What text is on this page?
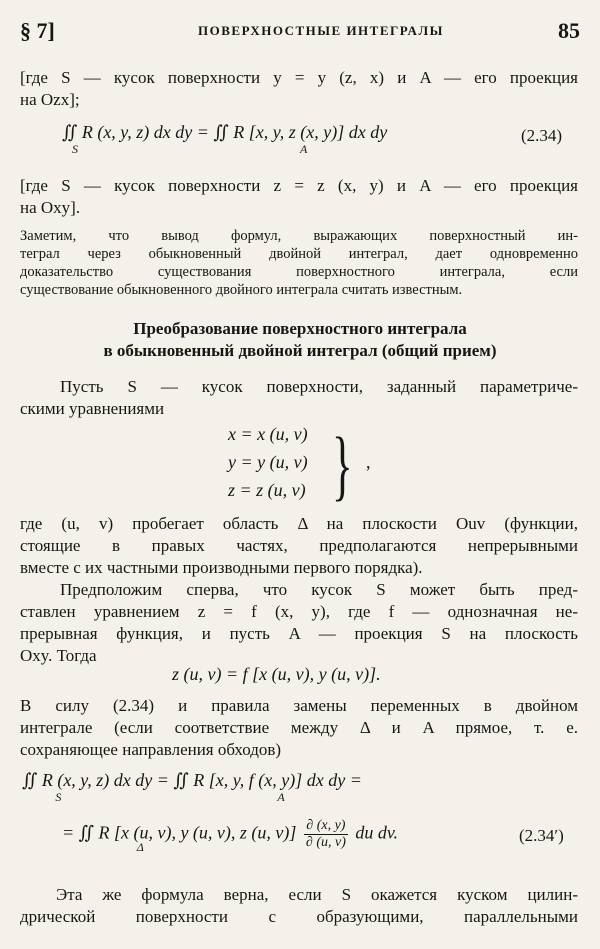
§ 7]	ПОВЕРХНОСТНЫЕ ИНТЕГРАЛЫ	85
[где S — кусок поверхности y = y (z, x) и A — его проекция
на Ozx];
∬ R (x, y, z) dx dy = ∬ R [x, y, z (x, y)] dx dy
$_S$	$_A$
(2.34)
[где S — кусок поверхности z = z (x, y) и A — его проекция
на Oxy].
Заметим, что вывод формул, выражающих поверхностный ин-
теграл через обыкновенный двойной интеграл, дает одновременно
доказательство существования поверхностного интеграла, если
существование обыкновенного двойного интеграла считать известным.
Преобразование поверхностного интеграла
в обыкновенный двойной интеграл (общий прием)
Пусть S — кусок поверхности, заданный параметриче-
скими уравнениями
x = x (u, v)
y = y (u, v)
z = z (u, v) } ,
где (u, v) пробегает область Δ на плоскости Ouv (функции,
стоящие в правых частях, предполагаются непрерывными
вместе с их частными производными первого порядка).
Предположим сперва, что кусок S может быть пред-
ставлен уравнением z = f (x, y), где f — однозначная не-
прерывная функция, и пусть A — проекция S на плоскость
Oxy. Тогда
z (u, v) = f [x (u, v), y (u, v)].
В силу (2.34) и правила замены переменных в двойном
интеграле (если соответствие между Δ и A прямое, т. е.
сохраняющее направления обходов)
∬ R (x, y, z) dx dy = ∬ R [x, y, f (x, y)] dx dy =
$_S$	$_A$
= ∬ R [x (u, v), y (u, v), z (u, $v)] \frac{\partial (x, y)}{\partial (u, v)}$ du dv.
$_\Delta$
(2.34′)
Эта же формула верна, если S окажется куском цилин-
дрической поверхности с образующими, параллельными
